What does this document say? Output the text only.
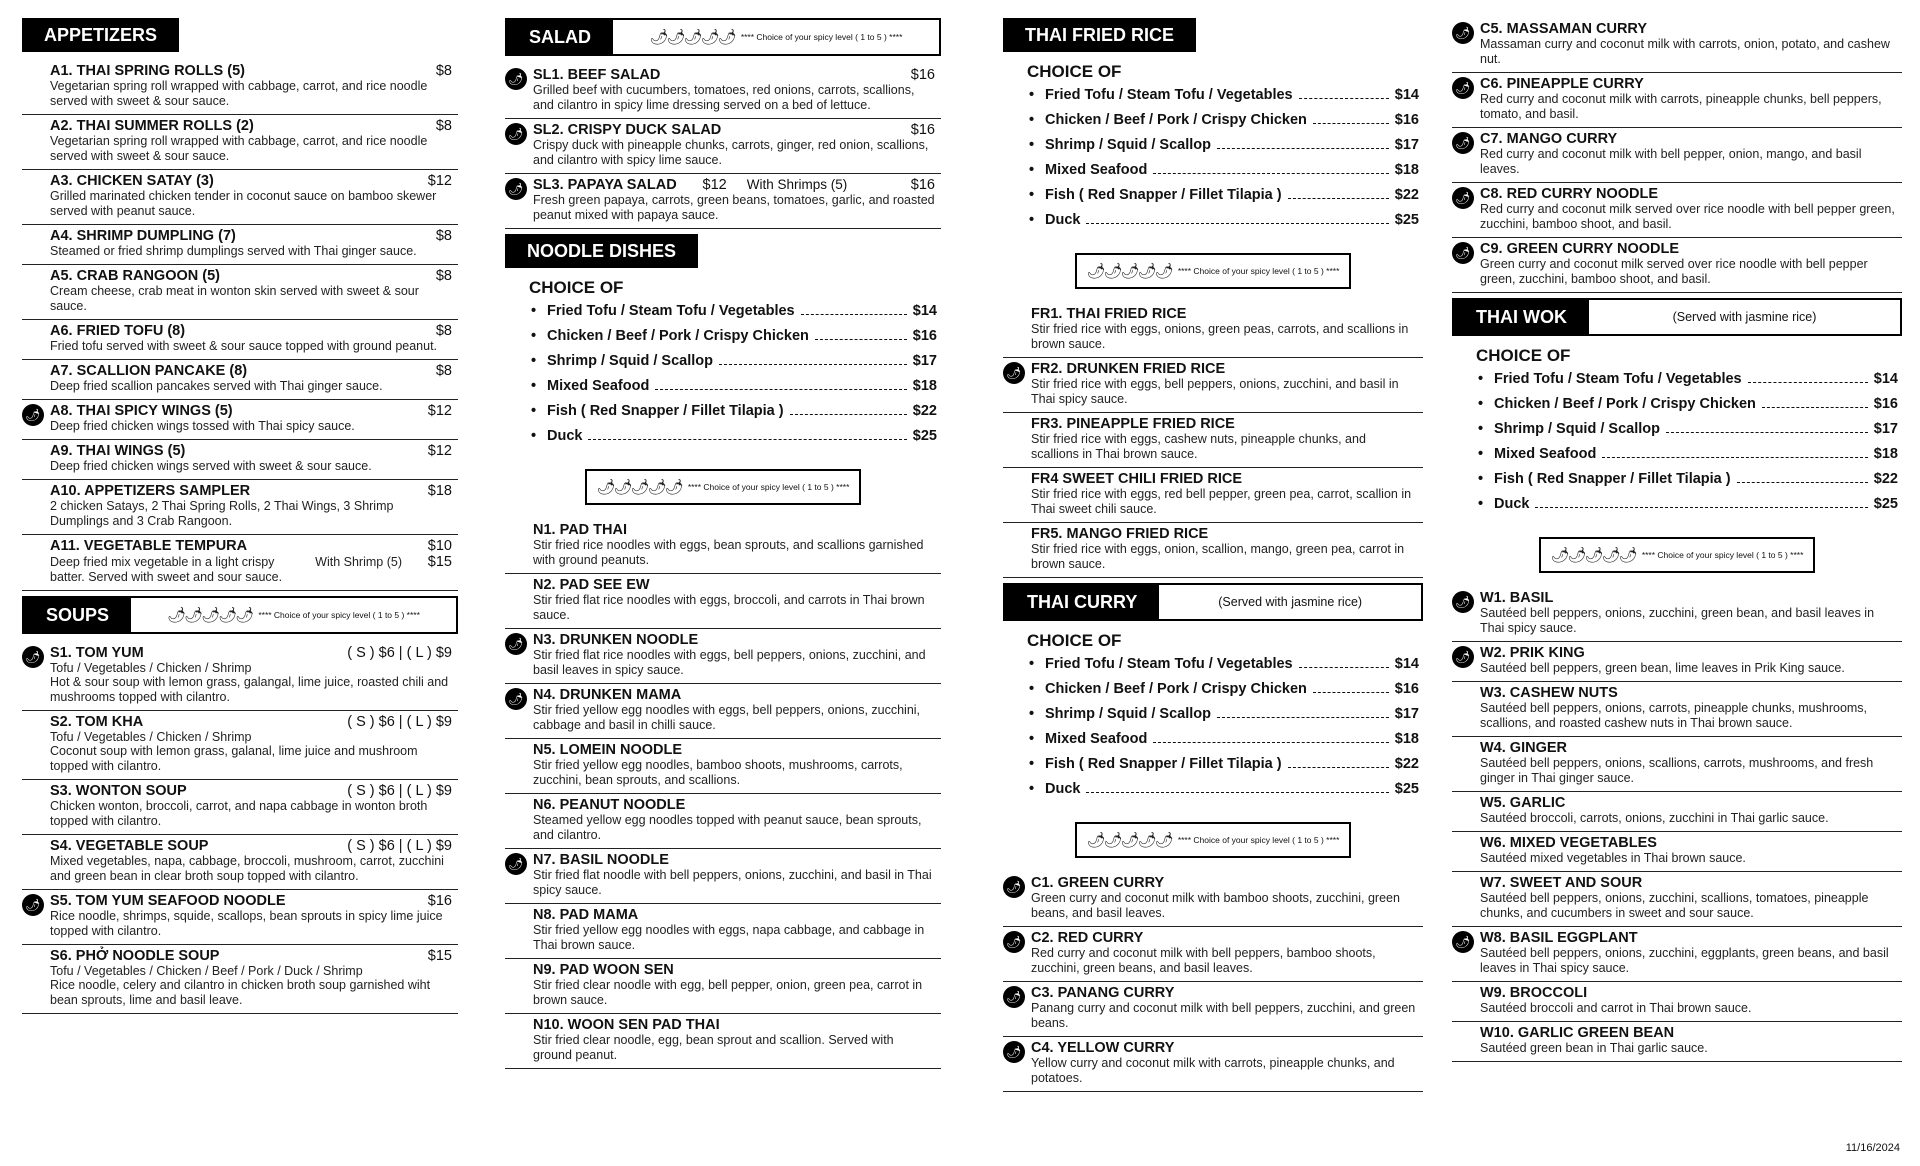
APPETIZERS
A1. THAI SPRING ROLLS (5)	$8
Vegetarian spring roll wrapped with cabbage, carrot, and rice noodle served with sweet & sour sauce.
A2. THAI SUMMER ROLLS (2)	$8
Vegetarian spring roll wrapped with cabbage, carrot, and rice noodle served with sweet & sour sauce.
A3. CHICKEN SATAY (3)	$12
Grilled marinated chicken tender in coconut sauce on bamboo skewer served with peanut sauce.
A4. SHRIMP DUMPLING (7)	$8
Steamed or fried shrimp dumplings served with Thai ginger sauce.
A5. CRAB RANGOON (5)	$8
Cream cheese, crab meat in wonton skin served with sweet & sour sauce.
A6. FRIED TOFU (8)	$8
Fried tofu served with sweet & sour sauce topped with ground peanut.
A7. SCALLION PANCAKE (8)	$8
Deep fried scallion pancakes served with Thai ginger sauce.
🌶 A8. THAI SPICY WINGS (5)	$12
Deep fried chicken wings tossed with Thai spicy sauce.
A9. THAI WINGS (5)	$12
Deep fried chicken wings served with sweet & sour sauce.
A10. APPETIZERS SAMPLER	$18
2 chicken Satays, 2 Thai Spring Rolls, 2 Thai Wings, 3 Shrimp Dumplings and 3 Crab Rangoon.
A11. VEGETABLE TEMPURA	$10
Deep fried mix vegetable in a light crispy batter. Served with sweet and sour sauce.
With Shrimp (5)	$15
SOUPS	🌶🌶🌶🌶🌶 **** Choice of your spicy level ( 1 to 5 ) ****
🌶 S1. TOM YUM	( S ) $6 | ( L ) $9
Tofu / Vegetables / Chicken / Shrimp
Hot & sour soup with lemon grass, galangal, lime juice, roasted chili and mushrooms topped with cilantro.
S2. TOM KHA	( S ) $6 | ( L ) $9
Tofu / Vegetables / Chicken / Shrimp
Coconut soup with lemon grass, galanal, lime juice and mushroom topped with cilantro.
S3. WONTON SOUP	( S ) $6 | ( L ) $9
Chicken wonton, broccoli, carrot, and napa cabbage in wonton broth topped with cilantro.
S4. VEGETABLE SOUP	( S ) $6 | ( L ) $9
Mixed vegetables, napa, cabbage, broccoli, mushroom, carrot, zucchini and green bean in clear broth soup topped with cilantro.
🌶 S5. TOM YUM SEAFOOD NOODLE	$16
Rice noodle, shrimps, squide, scallops, bean sprouts in spicy lime juice topped with cilantro.
S6. PHỞ NOODLE SOUP	$15
Tofu / Vegetables / Chicken / Beef / Pork / Duck / Shrimp
Rice noodle, celery and cilantro in chicken broth soup garnished wiht bean sprouts, lime and basil leave.
SALAD	🌶🌶🌶🌶🌶 **** Choice of your spicy level ( 1 to 5 ) ****
🌶 SL1. BEEF SALAD	$16
Grilled beef with cucumbers, tomatoes, red onions, carrots, scallions, and cilantro in spicy lime dressing served on a bed of lettuce.
🌶 SL2. CRISPY DUCK SALAD	$16
Crispy duck with pineapple chunks, carrots, ginger, red onion, scallions, and cilantro with spicy lime sauce.
🌶 SL3. PAPAYA SALAD	$12 With Shrimps (5)	$16
Fresh green papaya, carrots, green beans, tomatoes, garlic, and roasted peanut mixed with papaya sauce.
NOODLE DISHES
CHOICE OF
• Fried Tofu / Steam Tofu / Vegetables	$14
• Chicken / Beef / Pork / Crispy Chicken	$16
• Shrimp / Squid / Scallop	$17
• Mixed Seafood	$18
• Fish ( Red Snapper / Fillet Tilapia )	$22
• Duck	$25
🌶🌶🌶🌶🌶 **** Choice of your spicy level ( 1 to 5 ) ****
N1. PAD THAI
Stir fried rice noodles with eggs, bean sprouts, and scallions garnished with ground peanuts.
N2. PAD SEE EW
Stir fried flat rice noodles with eggs, broccoli, and carrots in Thai brown sauce.
🌶 N3. DRUNKEN NOODLE
Stir fried flat rice noodles with eggs, bell peppers, onions, zucchini, and basil leaves in spicy sauce.
🌶 N4. DRUNKEN MAMA
Stir fried yellow egg noodles with eggs, bell peppers, onions, zucchini, cabbage and basil in chilli sauce.
N5. LOMEIN NOODLE
Stir fried yellow egg noodles, bamboo shoots, mushrooms, carrots, zucchini, bean sprouts, and scallions.
N6. PEANUT NOODLE
Steamed yellow egg noodles topped with peanut sauce, bean sprouts, and cilantro.
🌶 N7. BASIL NOODLE
Stir fried flat noodle with bell peppers, onions, zucchini, and basil in Thai spicy sauce.
N8. PAD MAMA
Stir fried yellow egg noodles with eggs, napa cabbage, and cabbage in Thai brown sauce.
N9. PAD WOON SEN
Stir fried clear noodle with egg, bell pepper, onion, green pea, carrot in brown sauce.
N10. WOON SEN PAD THAI
Stir fried clear noodle, egg, bean sprout and scallion. Served with ground peanut.
THAI FRIED RICE
CHOICE OF
• Fried Tofu / Steam Tofu / Vegetables	$14
• Chicken / Beef / Pork / Crispy Chicken	$16
• Shrimp / Squid / Scallop	$17
• Mixed Seafood	$18
• Fish ( Red Snapper / Fillet Tilapia )	$22
• Duck	$25
🌶🌶🌶🌶🌶 **** Choice of your spicy level ( 1 to 5 ) ****
FR1. THAI FRIED RICE
Stir fried rice with eggs, onions, green peas, carrots, and scallions in brown sauce.
🌶 FR2. DRUNKEN FRIED RICE
Stir fried rice with eggs, bell peppers, onions, zucchini, and basil in Thai spicy sauce.
FR3. PINEAPPLE FRIED RICE
Stir fried rice with eggs, cashew nuts, pineapple chunks, and scallions in Thai brown sauce.
FR4 SWEET CHILI FRIED RICE
Stir fried rice with eggs, red bell pepper, green pea, carrot, scallion in Thai sweet chili sauce.
FR5. MANGO FRIED RICE
Stir fried rice with eggs, onion, scallion, mango, green pea, carrot in brown sauce.
THAI CURRY	(Served with jasmine rice)
CHOICE OF
• Fried Tofu / Steam Tofu / Vegetables	$14
• Chicken / Beef / Pork / Crispy Chicken	$16
• Shrimp / Squid / Scallop	$17
• Mixed Seafood	$18
• Fish ( Red Snapper / Fillet Tilapia )	$22
• Duck	$25
🌶🌶🌶🌶🌶 **** Choice of your spicy level ( 1 to 5 ) ****
🌶 C1. GREEN CURRY
Green curry and coconut milk with bamboo shoots, zucchini, green beans, and basil leaves.
🌶 C2. RED CURRY
Red curry and coconut milk with bell peppers, bamboo shoots, zucchini, green beans, and basil leaves.
🌶 C3. PANANG CURRY
Panang curry and coconut milk with bell peppers, zucchini, and green beans.
🌶 C4. YELLOW CURRY
Yellow curry and coconut milk with carrots, pineapple chunks, and potatoes.
🌶 C5. MASSAMAN CURRY
Massaman curry and coconut milk with carrots, onion, potato, and cashew nut.
🌶 C6. PINEAPPLE CURRY
Red curry and coconut milk with carrots, pineapple chunks, bell peppers, tomato, and basil.
🌶 C7. MANGO CURRY
Red curry and coconut milk with bell pepper, onion, mango, and basil leaves.
🌶 C8. RED CURRY NOODLE
Red curry and coconut milk served over rice noodle with bell pepper green, zucchini, bamboo shoot, and basil.
🌶 C9. GREEN CURRY NOODLE
Green curry and coconut milk served over rice noodle with bell pepper green, zucchini, bamboo shoot, and basil.
THAI WOK	(Served with jasmine rice)
CHOICE OF
• Fried Tofu / Steam Tofu / Vegetables	$14
• Chicken / Beef / Pork / Crispy Chicken	$16
• Shrimp / Squid / Scallop	$17
• Mixed Seafood	$18
• Fish ( Red Snapper / Fillet Tilapia )	$22
• Duck	$25
🌶🌶🌶🌶🌶 **** Choice of your spicy level ( 1 to 5 ) ****
🌶 W1. BASIL
Sautéed bell peppers, onions, zucchini, green bean, and basil leaves in Thai spicy sauce.
🌶 W2. PRIK KING
Sautéed bell peppers, green bean, lime leaves in Prik King sauce.
W3. CASHEW NUTS
Sautéed bell peppers, onions, carrots, pineapple chunks, mushrooms, scallions, and roasted cashew nuts in Thai brown sauce.
W4. GINGER
Sautéed bell peppers, onions, scallions, carrots, mushrooms, and fresh ginger in Thai ginger sauce.
W5. GARLIC
Sautéed broccoli, carrots, onions, zucchini in Thai garlic sauce.
W6. MIXED VEGETABLES
Sautéed mixed vegetables in Thai brown sauce.
W7. SWEET AND SOUR
Sautéed bell peppers, onions, zucchini, scallions, tomatoes, pineapple chunks, and cucumbers in sweet and sour sauce.
🌶 W8. BASIL EGGPLANT
Sautéed bell peppers, onions, zucchini, eggplants, green beans, and basil leaves in Thai spicy sauce.
W9. BROCCOLI
Sautéed broccoli and carrot in Thai brown sauce.
W10. GARLIC GREEN BEAN
Sautéed green bean in Thai garlic sauce.
11/16/2024
